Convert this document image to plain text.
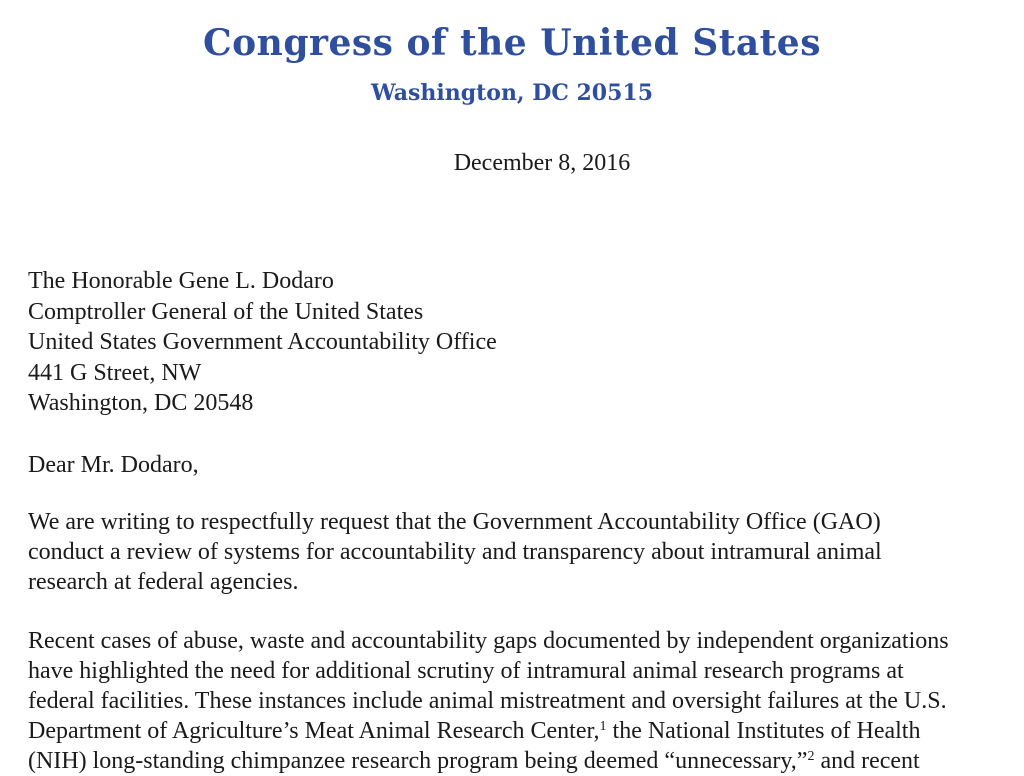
Congress of the United States
Washington, DC 20515
December 8, 2016
The Honorable Gene L. Dodaro
Comptroller General of the United States
United States Government Accountability Office
441 G Street, NW
Washington, DC 20548
Dear Mr. Dodaro,
We are writing to respectfully request that the Government Accountability Office (GAO)
conduct a review of systems for accountability and transparency about intramural animal
research at federal agencies.
Recent cases of abuse, waste and accountability gaps documented by independent organizations
have highlighted the need for additional scrutiny of intramural animal research programs at
federal facilities. These instances include animal mistreatment and oversight failures at the U.S.
Department of Agriculture’s Meat Animal Research Center,$^1$ the National Institutes of Health
(NIH) long-standing chimpanzee research program being deemed “unnecessary,”$^2$ and recent
